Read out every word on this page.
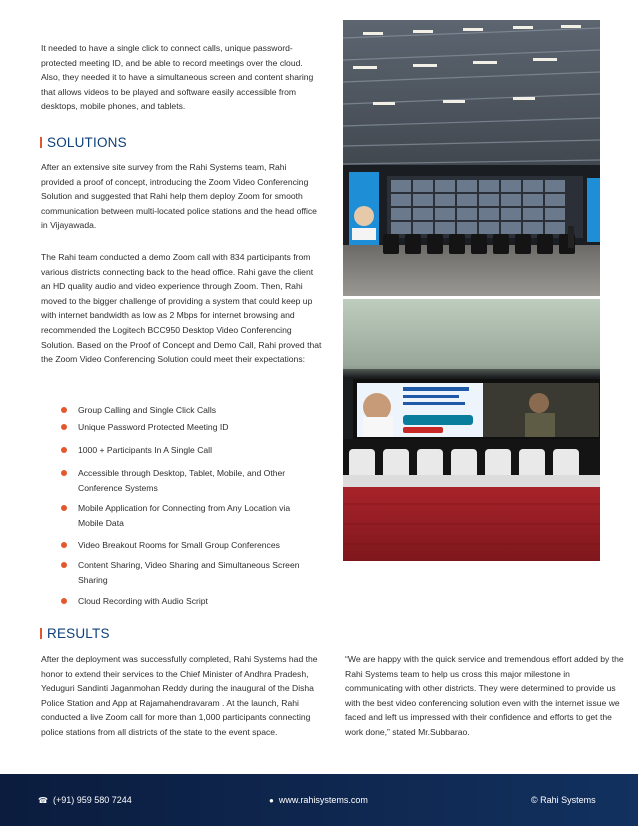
It needed to have a single click to connect calls, unique password-protected meeting ID, and be able to record meetings over the cloud. Also, they needed it to have a simultaneous screen and content sharing that allows videos to be played and software easily accessible from desktops, mobile phones, and tablets.

SOLUTIONS

After an extensive site survey from the Rahi Systems team, Rahi provided a proof of concept, introducing the Zoom Video Conferencing Solution and suggested that Rahi help them deploy Zoom for smooth communication between multi-located police stations and the head office in Vijayawada.

The Rahi team conducted a demo Zoom call with 834 participants from various districts connecting back to the head office. Rahi gave the client an HD quality audio and video experience through Zoom. Then, Rahi moved to the bigger challenge of providing a system that could keep up with internet bandwidth as low as 2 Mbps for internet browsing and recommended the Logitech BCC950 Desktop Video Conferencing Solution. Based on the Proof of Concept and Demo Call, Rahi proved that the Zoom Video Conferencing Solution could meet their expectations:

Group Calling and Single Click Calls
Unique Password Protected Meeting ID
1000 + Participants In A Single Call
Accessible through Desktop, Tablet, Mobile, and Other Conference Systems
Mobile Application for Connecting from Any Location via Mobile Data
Video Breakout Rooms for Small Group Conferences
Content Sharing, Video Sharing and Simultaneous Screen Sharing
Cloud Recording with Audio Script
RESULTS

After the deployment was successfully completed, Rahi Systems had the honor to extend their services to the Chief Minister of Andhra Pradesh, Yeduguri Sandinti Jaganmohan Reddy during the inaugural of the Disha Police Station and App at Rajamahendravaram . At the launch, Rahi conducted a live Zoom call for more than 1,000 participants connecting police stations from all districts of the state to the event space.

“We are happy with the quick service and tremendous effort added by the Rahi Systems team to help us cross this major milestone in communicating with other districts. They were determined to provide us with the best video conferencing solution even with the internet issue we faced and left us impressed with their confidence and efforts to get the work done,” stated Mr.Subbarao.

☎ (+91) 959 580 7244	● www.rahisystems.com	© Rahi Systems
